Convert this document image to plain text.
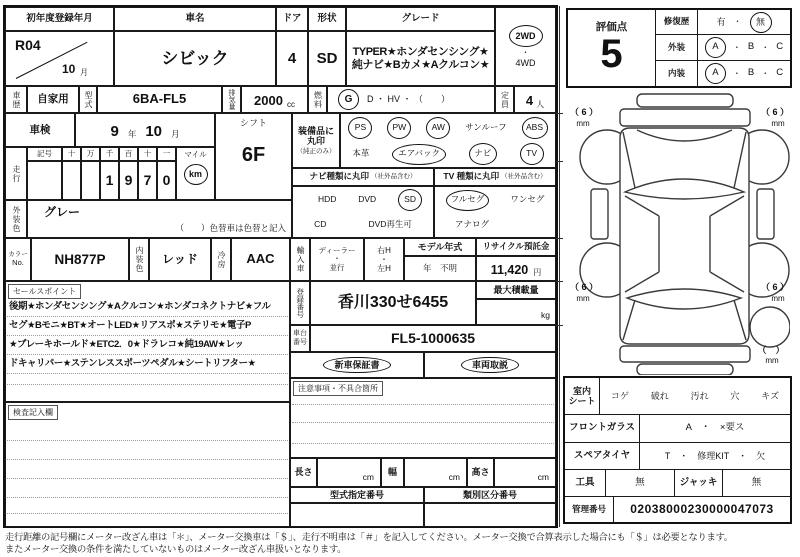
初年度登録年月	車名	ドア 形状	グレード
R04
10 月
シビック	4	SD	TYPER★ホンダセンシング★
純ナビ★Bカメ★Aクルコン★
2WD
・
4WD
車歴	自家用	型式	6BA-FL5	排気量 2000 cc 燃料	G	D ・ HV ・ （　　）	定員 4 人
車検	9 年 10 月
シフト
6F
走行
記号 十 万 千 百 十 一
1 9 7 0
マイル
km
外装色 グレー
（　　）色替車は色替と記入
装備品に
丸印
（純正のみ）
PS	PW	AW	サンルーフ	ABS
本革	エアバック	ナビ	TV
ナビ種類に丸印 （社外品含む）
HDD	DVD	SD
CD	DVD再生可
TV 種類に丸印 （社外品含む）
フルセグ	ワンセグ
アナログ
カラー
No.	NH877P	内装色	レッド	冷房	AAC	輸入車 ディーラー
・
並行
右H
・
左H
モデル年式
年　不明
リサイクル預託金
11,420 円
登録番号	香川330せ6455
最大積載量
kg
車台
番号	FL5-1000635
新車保証書	車両取説
注意事項・不具合箇所
長さ	cm 幅	cm 高さ	cm
型式指定番号	類別区分番号
セールスポイント
後期★ホンダセンシング★Aクルコン★ホンダコネクトナビ★フル
セグ★Bモニ★BT★オートLED★リアスポ★ステリモ★電子P
★ブレーキホールド★ETC2．0★ドラレコ★純19AW★レッ
ドキャリパー★ステンレススポーツペダル★シートリフター★
検査記入欄
評価点
5
修復歴	有 ・	無
外装	A	・ B ・ C
内装	A	・ B ・ C
（ 6 ）
mm
（ 6 ）
mm
（ 6 ）
mm
（ 6 ）
mm
（　）
mm
室内
シート
コゲ 破れ 汚れ 穴 キズ
フロントガラス	A　・　×要ス
スペアタイヤ	T　・　修理KIT　・　欠
工具	無	ジャッキ	無
管理番号 02038000230000047073
走行距離の記号欄にメーター改ざん車は「＊」、メーター交換車は「＄」、走行不明車は「＃」を記入してください。メーター交換で合算表示した場合にも「＄」は必要となります。
またメーター交換の条件を満たしていないものはメーター改ざん車扱いとなります。
